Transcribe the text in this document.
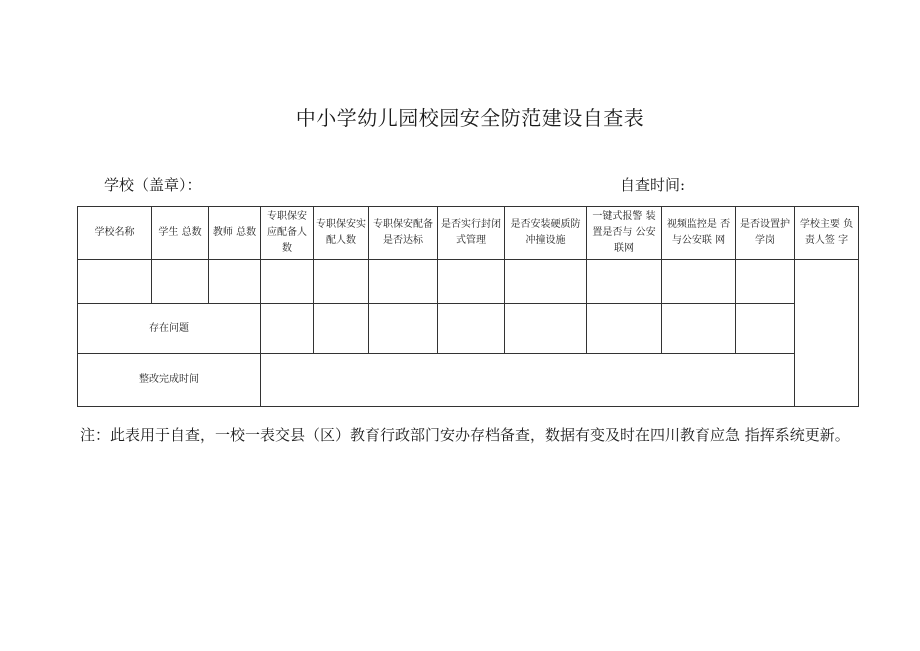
中小学幼儿园校园安全防范建设自查表
学校（盖章）：	自查时间:
学校名称	学生 总数	教师 总数	专职保安应配备人数	专职保安实配人数	专职保安配备是否达标	是否实行封闭式管理	是否安装硬质防冲撞设施	一键式报警 装置是否与 公安联网	视频监控是 否与公安联 网	是否设置护学岗	学校主要 负责人签 字

存在问题											
整改完成时间											
注：此表用于自查，一校一表交县（区）教育行政部门安办存档备查，数据有变及时在四川教育应急 指挥系统更新。
